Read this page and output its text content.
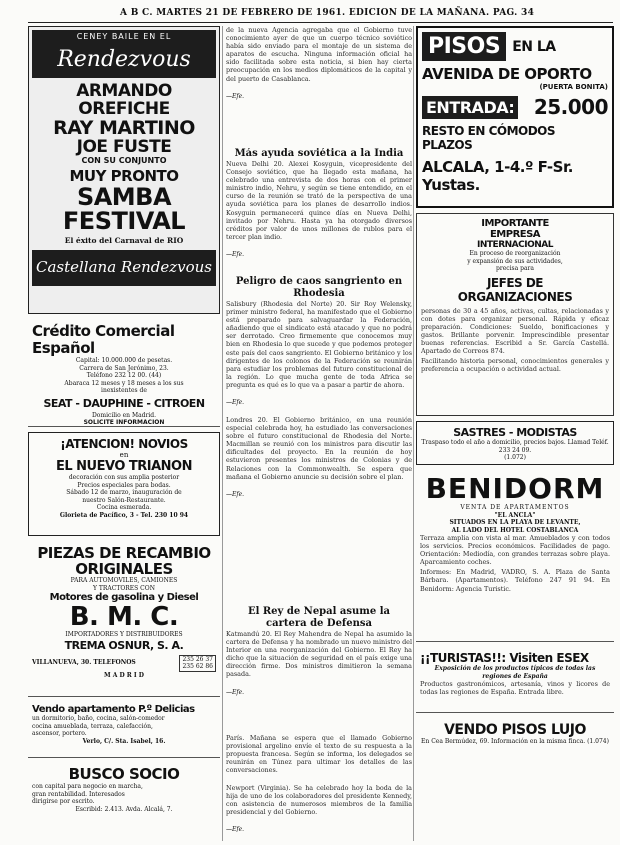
A B C. MARTES 21 DE FEBRERO DE 1961. EDICION DE LA MAÑANA. PAG. 34
CENEY BAILE EN EL
Rendezvous
ARMANDO OREFICHE
RAY MARTINO
JOE FUSTE
CON SU CONJUNTO
MUY PRONTO
SAMBA
FESTIVAL
El éxito del Carnaval de RIO
Castellana Rendezvous
Crédito Comercial Español
Capital: 10.000.000 de pesetas.
Carrera de San Jerónimo, 23.
Teléfono 232 12 00. (44)
Abaraca 12 meses y 18 meses a los sus
inexistentes de
SEAT - DAUPHINE - CITROEN
Domicilio en Madrid.
SOLICITE INFORMACION
¡ATENCION! NOVIOS
en
EL NUEVO TRIANON
decoración con sus amplia posterior
Precios especiales para bodas.
Sábado 12 de marzo, inauguración de
nuestro Salón-Restaurante.
Cocina esmerada.
Glorieta de Pacífico, 3 - Tel. 230 10 94
PIEZAS DE RECAMBIO
ORIGINALES
PARA AUTOMOVILES, CAMIONES
Y TRACTORES CON
Motores de gasolina y Diesel
B. M. C.
IMPORTADORES Y DISTRIBUIDORES
TREMA OSNUR, S. A.
VILLANUEVA, 30. TELEFONOS
235 26 37
235 62 86
M A D R I D
Vendo apartamento P.º Delicias
un dormitorio, baño, cocina, salón-comedor
cocina amueblada, terraza, calefacción,
ascensor, portero.
Verlo, C/. Sta. Isabel, 16.
BUSCO SOCIO
con capital para negocio en marcha,
gran rentabilidad. Interesados
dirigirse por escrito.
Escribid: 2.413. Avda. Alcalá, 7.

de la nueva Agencia agregaba que el Gobierno tuve conocimiento ayer de que un cuerpo técnico soviético había sido enviado para el montaje de un sistema de aparatos de escucha. Ninguna información oficial ha sido facilitada sobre esta noticia, si bien hay cierta preocupación en los medios diplomáticos de la capital y del puerto de Casablanca.

—Efe.
Más ayuda soviética a la India

Nueva Delhi 20. Alexei Kosyguin, vicepresidente del Consejo soviético, que ha llegado esta mañana, ha celebrado una entrevista de dos horas con el primer ministro indio, Nehru, y según se tiene entendido, en el curso de la reunión se trató de la perspectiva de una ayuda soviética para los planes de desarrollo indios. Kosyguin permanecerá quince días en Nueva Delhi, invitado por Nehru. Hasta ya ha otorgado diversos créditos por valor de unos millones de rublos para el tercer plan indio.

—Efe.
Peligro de caos sangriento en Rhodesia

Salisbury (Rhodesia del Norte) 20. Sir Roy Welensky, primer ministro federal, ha manifestado que el Gobierno está preparado para salvaguardar la Federación, añadiendo que el sindicato está atacado y que no podrá ser derrotado. Creo firmemente que conocemos muy bien en Rhodesia lo que sucede y que podemos proteger este país del caos sangriento. El Gobierno británico y los dirigentes de los colonos de la Federación se reunirán para estudiar los problemas del futuro constitucional de la región. Lo que mucha gente de toda Africa se pregunta es qué es lo que va a pasar a partir de ahora.

—Efe.

Londres 20. El Gobierno británico, en una reunión especial celebrada hoy, ha estudiado las conversaciones sobre el futuro constitucional de Rhodesia del Norte. Macmillan se reunió con los ministros para discutir las dificultades del proyecto. En la reunión de hoy estuvieron presentes los ministros de Colonias y de Relaciones con la Commonwealth. Se espera que mañana el Gobierno anuncie su decisión sobre el plan.

—Efe.
El Rey de Nepal asume la cartera de Defensa

Katmandú 20. El Rey Mahendra de Nepal ha asumido la cartera de Defensa y ha nombrado un nuevo ministro del Interior en una reorganización del Gobierno. El Rey ha dicho que la situación de seguridad en el país exige una dirección firme. Dos ministros dimitieron la semana pasada.

—Efe.

París. Mañana se espera que el llamado Gobierno provisional argelino envíe el texto de su respuesta a la propuesta francesa. Según se informa, los delegados se reunirán en Túnez para ultimar los detalles de las conversaciones.

Newport (Virginia). Se ha celebrado hoy la boda de la hija de uno de los colaboradores del presidente Kennedy, con asistencia de numerosos miembros de la familia presidencial y del Gobierno.

—Efe.
PISOS EN LA
AVENIDA DE OPORTO
(PUERTA BONITA)
ENTRADA: 25.000
RESTO EN CÓMODOS PLAZOS
ALCALA, 1-4.º F-Sr. Yustas.
IMPORTANTE
EMPRESA
INTERNACIONAL
En proceso de reorganización
y expansión de sus actividades,
precisa para
JEFES DE
ORGANIZACIONES

personas de 30 a 45 años, activas, cultas, relacionadas y con dotes para organizar personal. Rápida y eficaz preparación. Condiciones: Sueldo, bonificaciones y gastos. Brillante porvenir. Imprescindible presentar buenas referencias. Escribid a Sr. García Castellá. Apartado de Correos 874.

Facilitando historia personal, conocimientos generales y preferencia a ocupación o actividad actual.

SASTRES - MODISTAS
Traspaso todo el año a domicilio, precios bajos. Llamad Teléf. 233 24 09.
(1.072)
BENIDORM
VENTA DE APARTAMENTOS
"EL ANCLA"
SITUADOS EN LA PLAYA DE LEVANTE,
AL LADO DEL HOTEL COSTABLANCA

Terraza amplia con vista al mar. Amueblados y con todos los servicios. Precios económicos. Facilidades de pago. Orientación: Mediodía, con grandes terrazas sobre playa. Aparcamiento coches.

Informes: En Madrid, VADRO, S. A. Plaza de Santa Bárbara. (Apartamentos). Teléfono 247 91 94. En Benidorm: Agencia Turistic.

¡¡TURISTAS!!: Visiten ESEX
Exposición de los productos típicos de todas las regiones de España

Productos gastronómicos, artesanía, vinos y licores de todas las regiones de España. Entrada libre.

VENDO PISOS LUJO
En Cea Bermúdez, 69. Información en la misma finca. (1.074)
